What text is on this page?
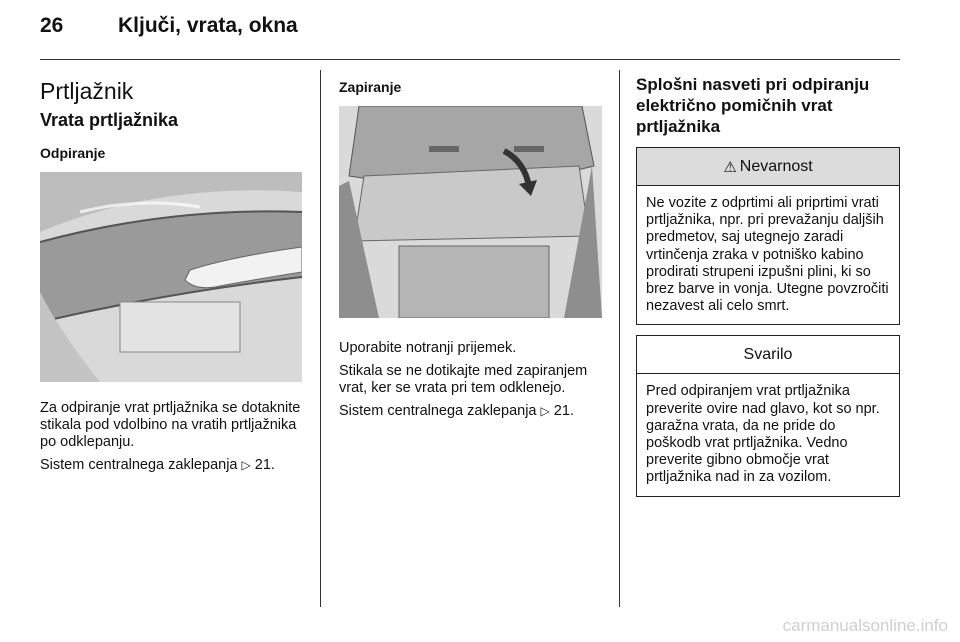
26	Ključi, vrata, okna
Prtljažnik
Vrata prtljažnika
Odpiranje

Za odpiranje vrat prtljažnika se dotaknite stikala pod vdolbino na vratih prtljažnika po odklepanju.

Sistem centralnega zaklepanja ▷ 21.

Zapiranje

Uporabite notranji prijemek.

Stikala se ne dotikajte med zapiranjem vrat, ker se vrata pri tem odklenejo.

Sistem centralnega zaklepanja ▷ 21.

Splošni nasveti pri odpiranju električno pomičnih vrat prtljažnika
⚠ Nevarnost
Ne vozite z odprtimi ali priprtimi vrati prtljažnika, npr. pri prevažanju daljših predmetov, saj utegnejo zaradi vrtinčenja zraka v potniško kabino prodirati strupeni izpušni plini, ki so brez barve in vonja. Utegne povzročiti nezavest ali celo smrt.
Svarilo
Pred odpiranjem vrat prtljažnika preverite ovire nad glavo, kot so npr. garažna vrata, da ne pride do poškodb vrat prtljažnika. Vedno preverite gibno območje vrat prtljažnika nad in za vozilom.
carmanualsonline.info
